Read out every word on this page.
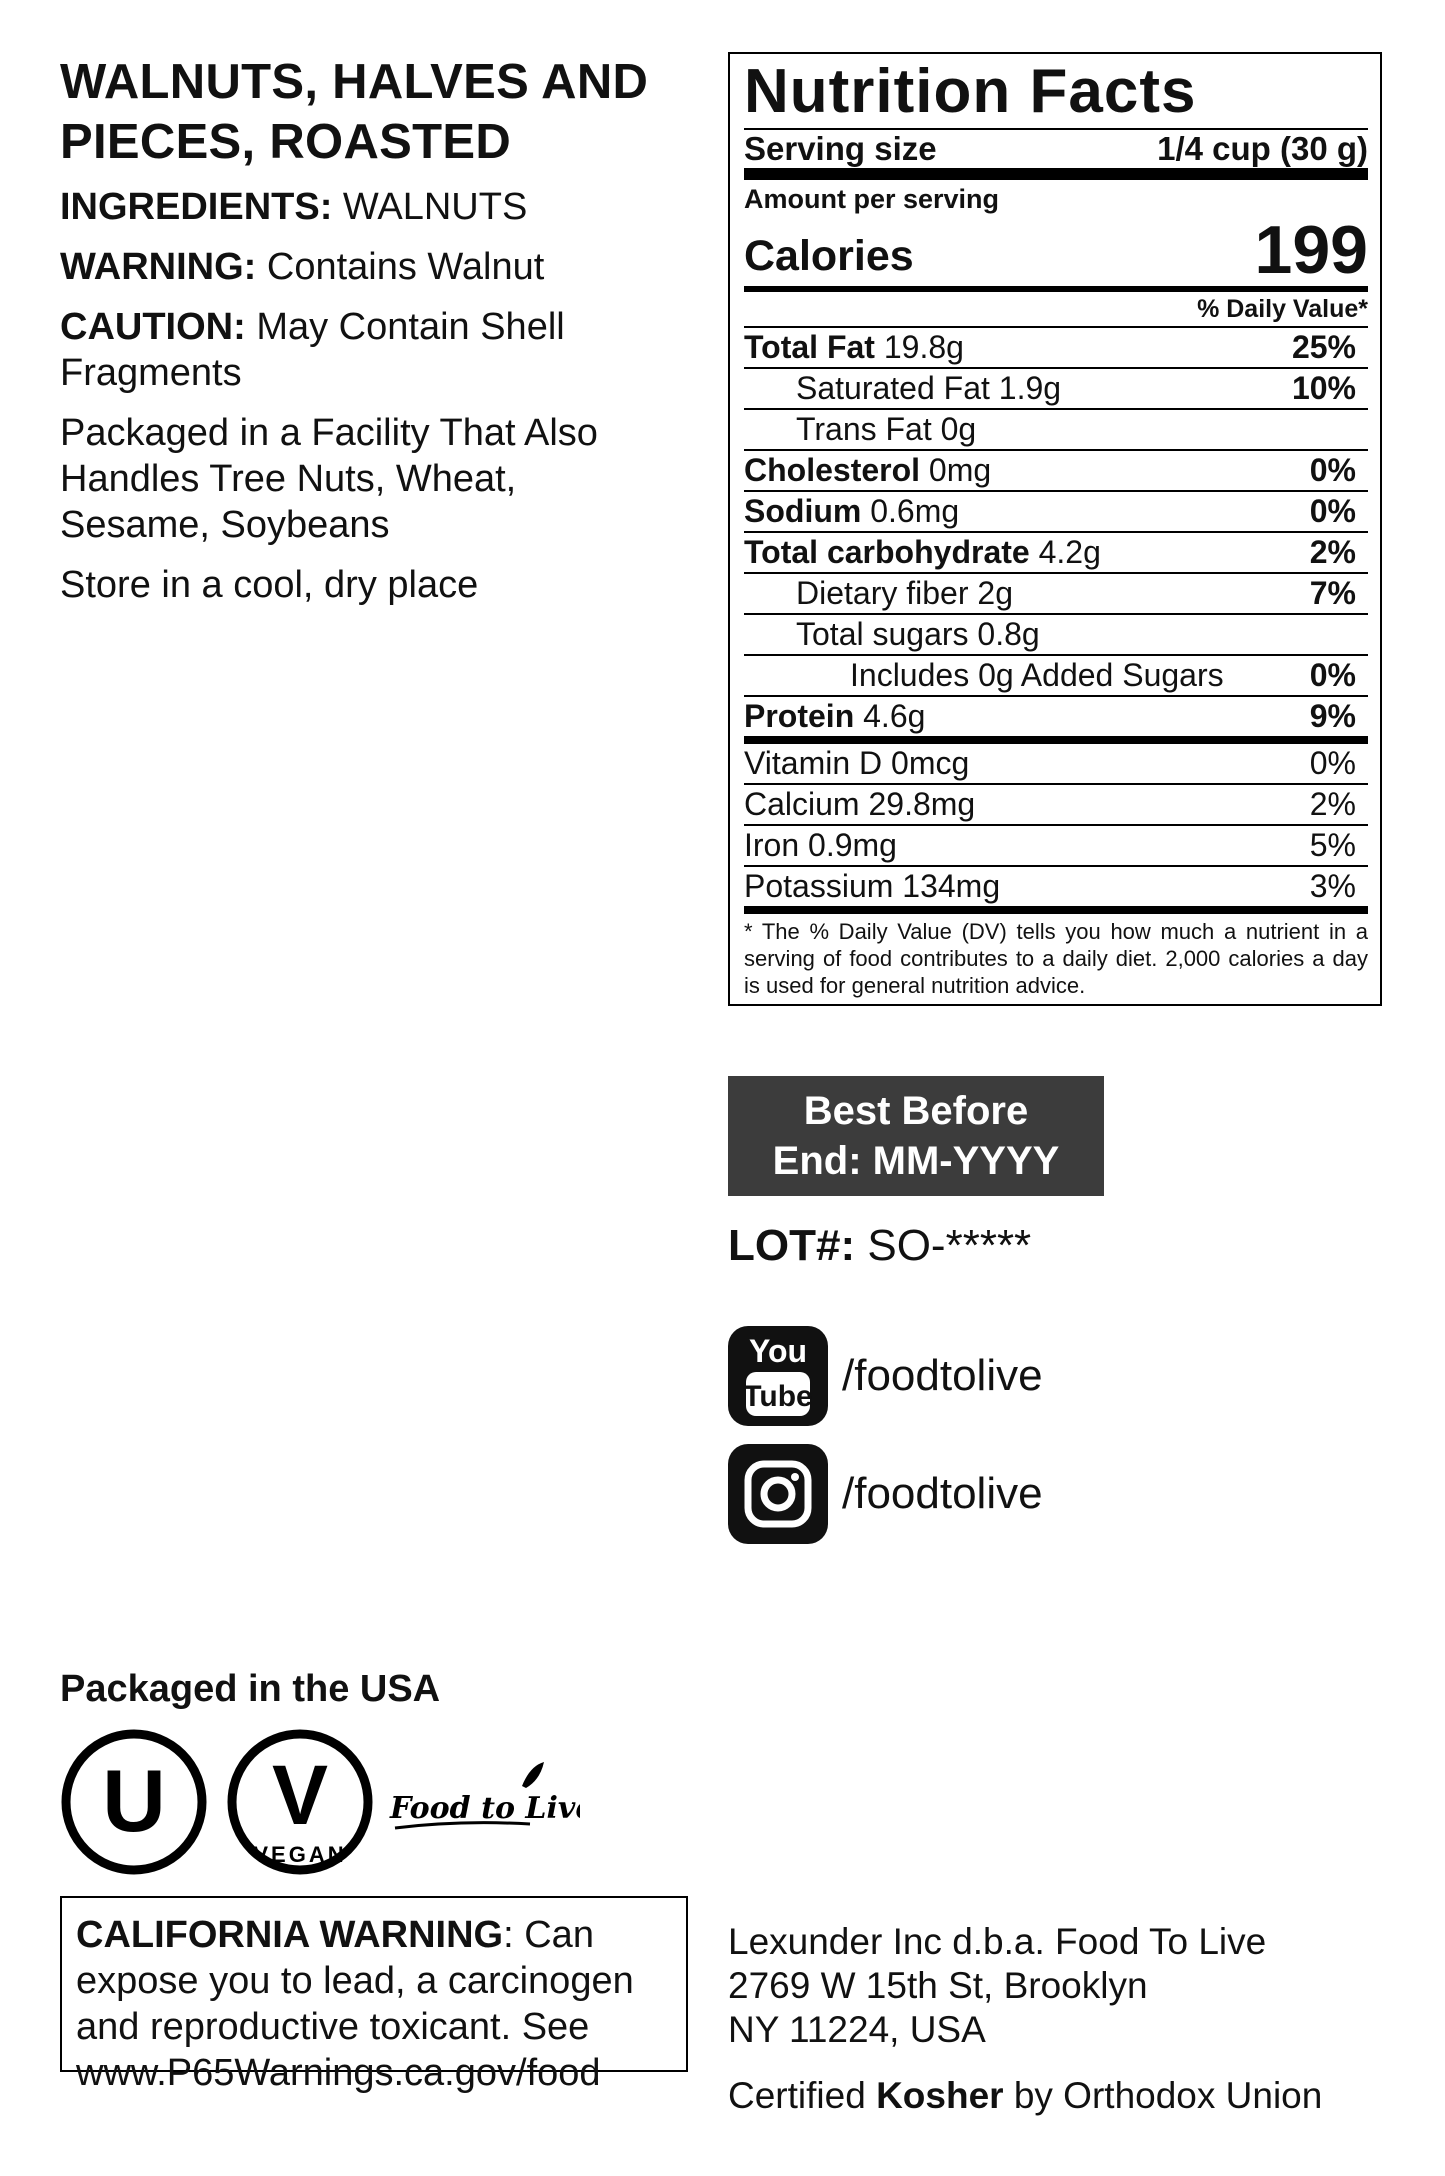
WALNUTS, HALVES AND
PIECES, ROASTED
INGREDIENTS: WALNUTS
WARNING: Contains Walnut
CAUTION: May Contain Shell Fragments
Packaged in a Facility That Also Handles Tree Nuts, Wheat, Sesame, Soybeans
Store in a cool, dry place
Nutrition Facts
Serving size	1/4 cup (30 g)
Amount per serving
Calories	199
% Daily Value*
Total Fat 19.8g	25%
Saturated Fat 1.9g	10%
Trans Fat 0g
Cholesterol 0mg	0%
Sodium 0.6mg	0%
Total carbohydrate 4.2g	2%
Dietary fiber 2g	7%
Total sugars 0.8g
Includes 0g Added Sugars	0%
Protein 4.6g	9%
Vitamin D 0mcg	0%
Calcium 29.8mg	2%
Iron 0.9mg	5%
Potassium 134mg	3%
* The % Daily Value (DV) tells you how much a nutrient in a serving of food contributes to a daily diet. 2,000 calories a day is used for general nutrition advice.
Best Before
End: MM-YYYY
LOT#: SO-*****
You
Tube /foodtolive
/foodtolive
Packaged in the USA
U V
VEGAN
Food to Live
CALIFORNIA WARNING: Can expose you to lead, a carcinogen and reproductive toxicant. See www.P65Warnings.ca.gov/food
Lexunder Inc d.b.a. Food To Live
2769 W 15th St, Brooklyn
NY 11224, USA
Certified Kosher by Orthodox Union
